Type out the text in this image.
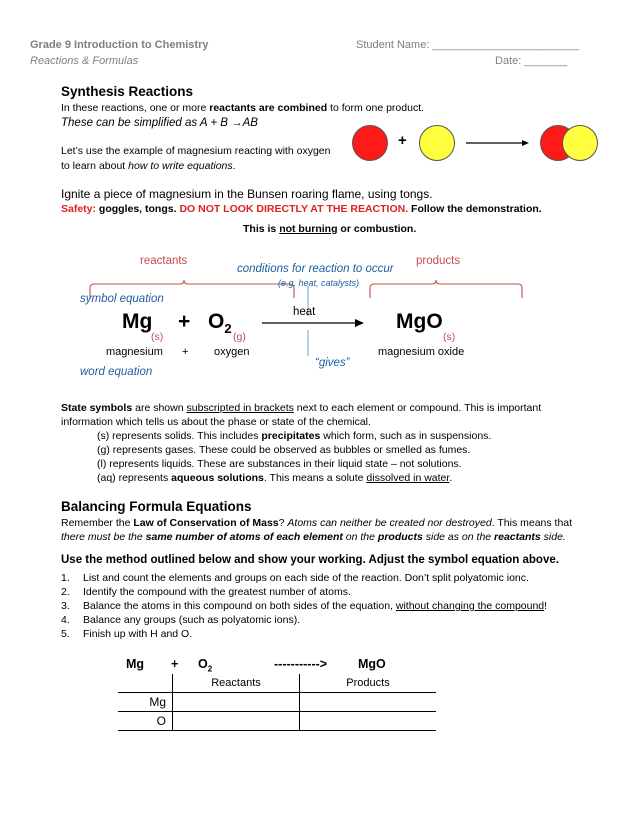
Grade 9 Introduction to Chemistry
Reactions & Formulas
Student Name: ________________________
Date: _______
Synthesis Reactions
In these reactions, one or more reactants are combined to form one product.
These can be simplified as A + B →AB
Let’s use the example of magnesium reacting with oxygen
to learn about how to write equations.
+
Ignite a piece of magnesium in the Bunsen roaring flame, using tongs.
Safety: goggles, tongs. DO NOT LOOK DIRECTLY AT THE REACTION. Follow the demonstration.
This is not burning or combustion.
reactants	products
conditions for reaction to occur
(e.g. heat, catalysts)
symbol equation
Mg
(s)
+ $O_2$
(g)
heat	MgO
(s)
magnesium + oxygen	magnesium oxide
“gives”
word equation
State symbols are shown subscripted in brackets next to each element or compound. This is important
information which tells us about the phase or state of the chemical.
(s) represents solids. This includes precipitates which form, such as in suspensions.
(g) represents gases. These could be observed as bubbles or smelled as fumes.
(l) represents liquids. These are substances in their liquid state – not solutions.
(aq) represents aqueous solutions. This means a solute dissolved in water.
Balancing Formula Equations
Remember the Law of Conservation of Mass? Atoms can neither be created nor destroyed. This means that
there must be the same number of atoms of each element on the products side as on the reactants side.
Use the method outlined below and show your working. Adjust the symbol equation above.
1. List and count the elements and groups on each side of the reaction. Don’t split polyatomic ionc.
2. Identify the compound with the greatest number of atoms.
3. Balance the atoms in this compound on both sides of the equation, without changing the compound!
4. Balance any groups (such as polyatomic ions).
5. Finish up with H and O.
$Mg + O_2$	-----------> MgO
	Reactants	Products
Mg		
O		
